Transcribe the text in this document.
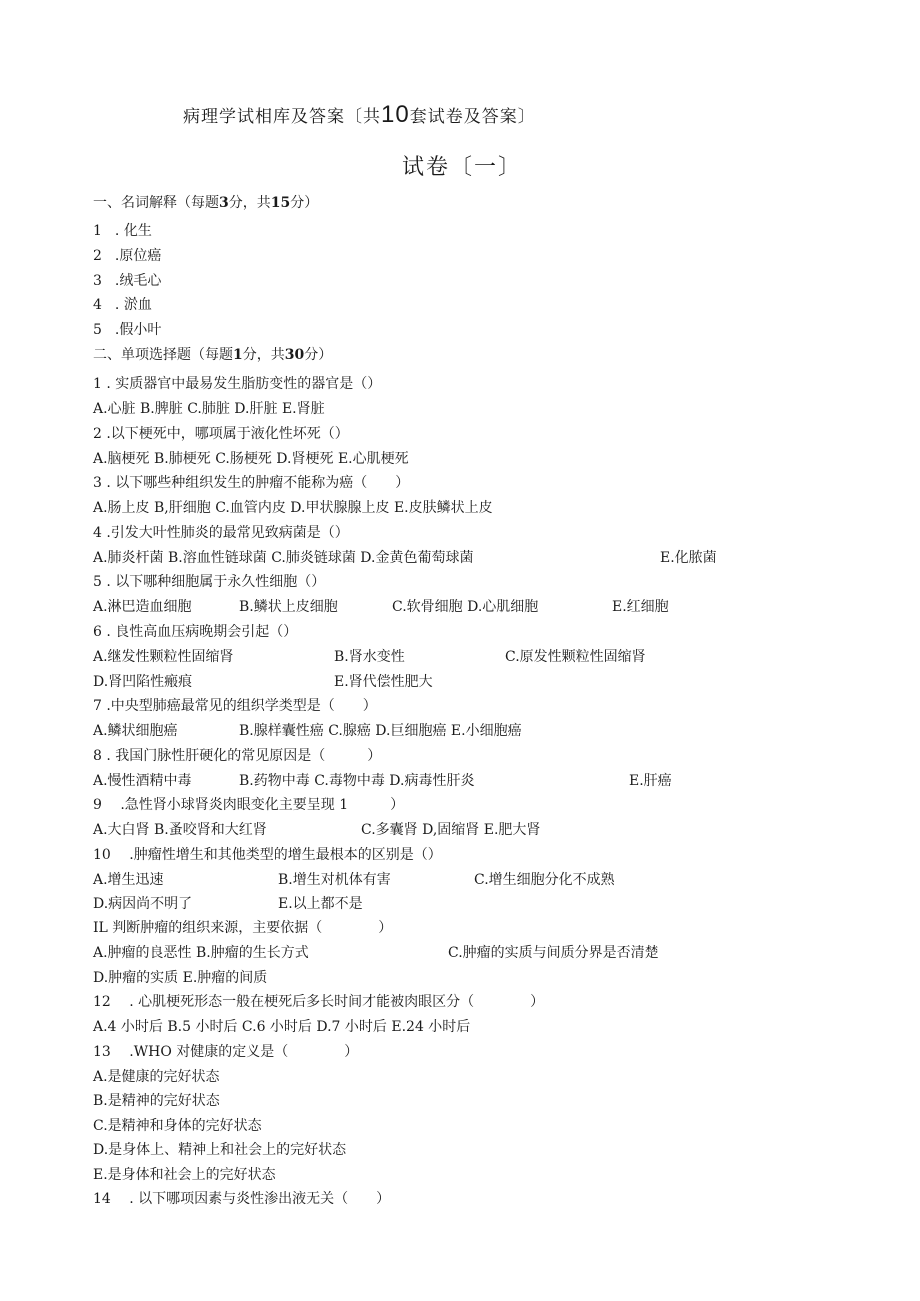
病理学试相库及答案〔共10套试卷及答案〕
试卷〔一〕
一、名词解释（每题3分，共15分）
1 . 化生
2 .原位癌
3 .绒毛心
4 . 淤血
5 .假小叶
二、单项选择题（每题1分，共30分）
1 . 实质器官中最易发生脂肪变性的器官是（）
A.心脏 B.脾脏 C.肺脏 D.肝脏 E.肾脏
2 .以下梗死中，哪项属于液化性坏死（）
A.脑梗死 B.肺梗死 C.肠梗死 D.肾梗死 E.心肌梗死
3 . 以下哪些种组织发生的肿瘤不能称为癌（　　）
A.肠上皮 B,肝细胞 C.血管内皮 D.甲状腺腺上皮 E.皮肤鳞状上皮
4 .引发大叶性肺炎的最常见致病菌是（）
A.肺炎杆菌 B.溶血性链球菌 C.肺炎链球菌 D.金黄色葡萄球菌	E.化脓菌
5 . 以下哪种细胞属于永久性细胞（）
A.淋巴造血细胞	B.鳞状上皮细胞	C.软骨细胞 D.心肌细胞	E.红细胞
6 . 良性高血压病晚期会引起（）
A.继发性颗粒性固缩肾	B.肾水变性	C.原发性颗粒性固缩肾
D.肾凹陷性瘢痕	E.肾代偿性肥大
7 .中央型肺癌最常见的组织学类型是（　　）
A.鳞状细胞癌	B.腺样囊性癌 C.腺癌 D.巨细胞癌 E.小细胞癌
8 . 我国门脉性肝硬化的常见原因是（　　　）
A.慢性酒精中毒	B.药物中毒 C.毒物中毒 D.病毒性肝炎	E.肝癌
9 　.急性肾小球肾炎肉眼变化主要呈现 1　　　）
A.大白肾 B.蚤咬肾和大红肾	C.多囊肾 D,固缩肾 E.肥大肾
10 　.肿瘤性增生和其他类型的增生最根本的区别是（）
A.增生迅速	B.增生对机体有害	C.增生细胞分化不成熟
D.病因尚不明了	E.以上都不是
IL 判断肿瘤的组织来源，主要依据（　　　　）
A.肿瘤的良恶性 B.肿瘤的生长方式	C.肿瘤的实质与间质分界是否清楚
D.肿瘤的实质 E.肿瘤的间质
12 　. 心肌梗死形态一般在梗死后多长时间才能被肉眼区分（　　　　）
A.4 小时后 B.5 小时后 C.6 小时后 D.7 小时后 E.24 小时后
13 　.WHO 对健康的定义是（　　　　）
A.是健康的完好状态
B.是精神的完好状态
C.是精神和身体的完好状态
D.是身体上、精神上和社会上的完好状态
E.是身体和社会上的完好状态
14 　. 以下哪项因素与炎性渗出液无关（　　）
